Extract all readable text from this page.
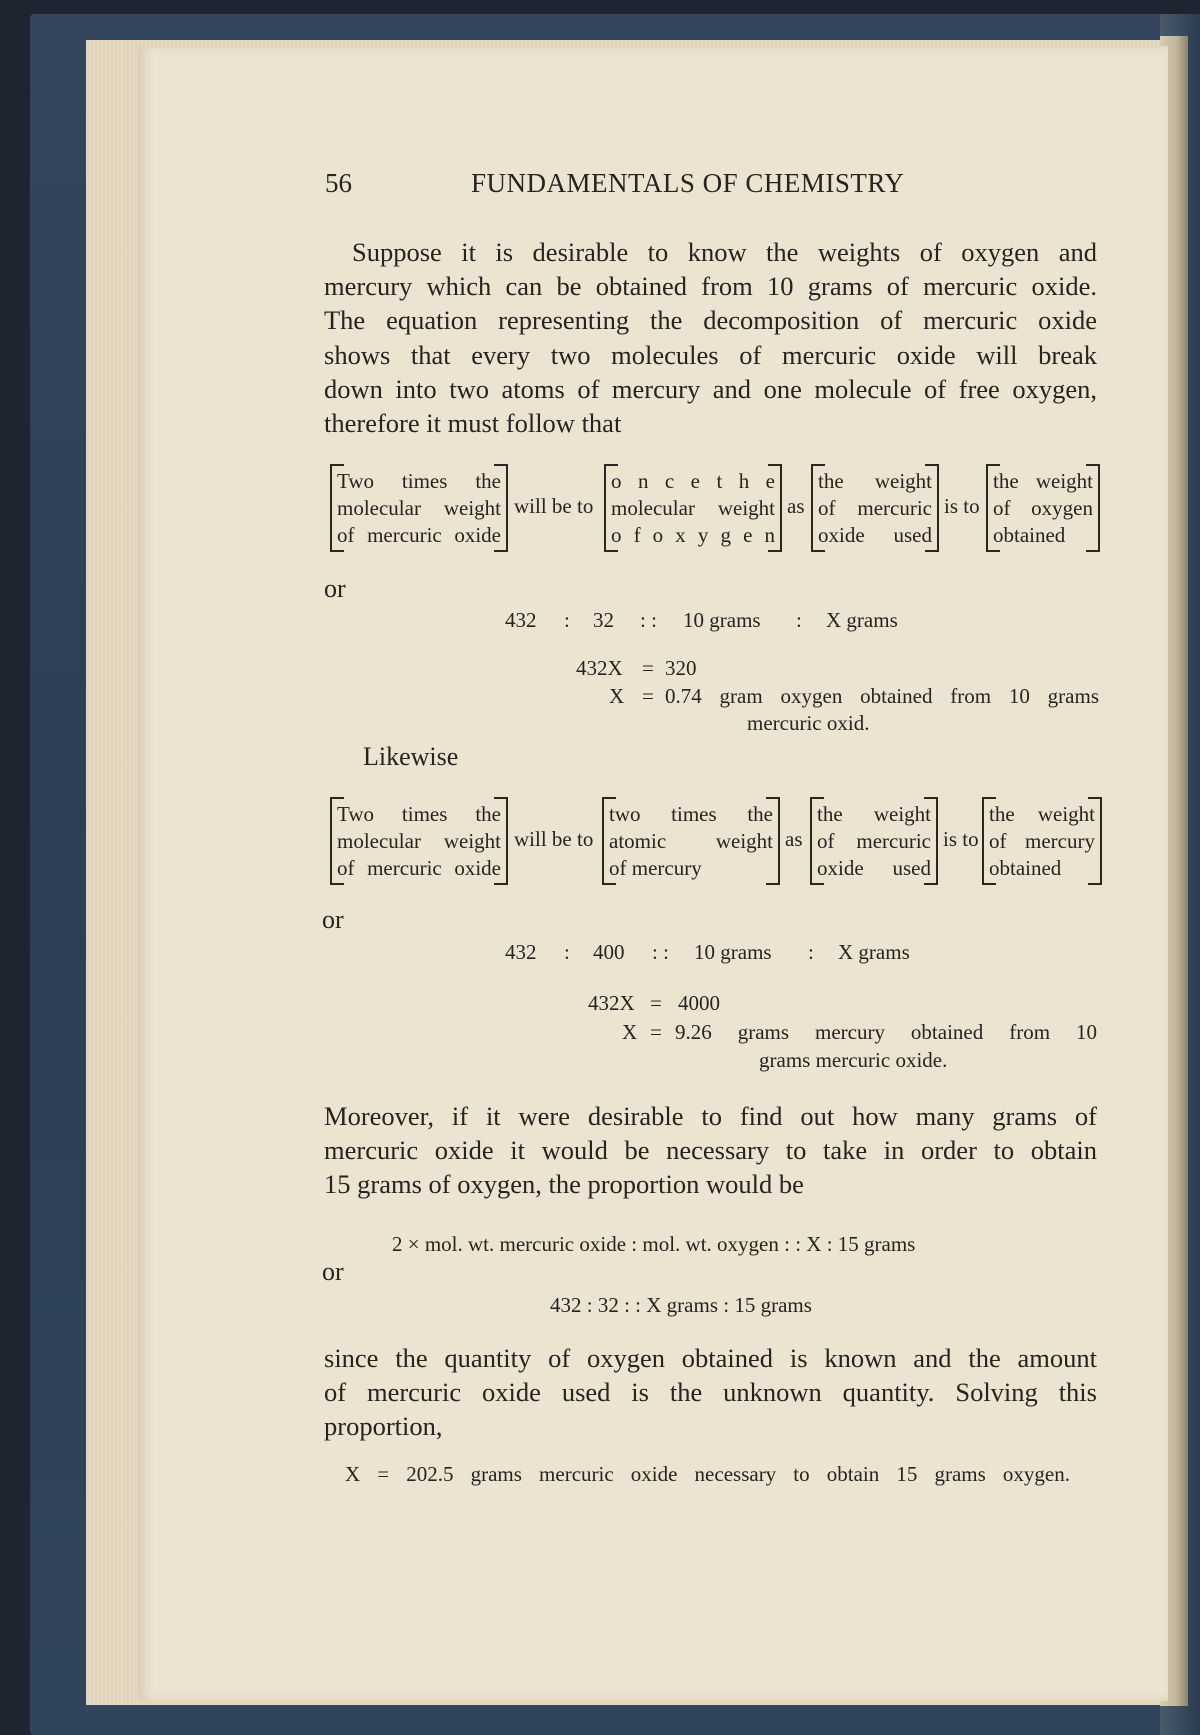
56	FUNDAMENTALS OF CHEMISTRY
Suppose it is desirable to know the weights of oxygen and
mercury which can be obtained from 10 grams of mercuric oxide.
The equation representing the decomposition of mercuric oxide
shows that every two molecules of mercuric oxide will break
down into two atoms of mercury and one molecule of free oxygen,
therefore it must follow that
Two times the
molecular weight
of mercuric oxide
will be to
o n c e t h e
molecular weight
o f o x y g e n
as
the weight
of mercuric
oxide used
is to
the weight
of oxygen
obtained
or
432 : 32 : : 10 grams : X grams
432X = 320
X = 0.74 gram oxygen obtained from 10 grams
mercuric oxid.
Likewise
Two times the
molecular weight
of mercuric oxide
will be to
two times the
atomic weight
of mercury
as
the weight
of mercuric
oxide used
is to
the weight
of mercury
obtained
or
432 : 400 : : 10 grams : X grams
432X = 4000
X = 9.26 grams mercury obtained from 10
grams mercuric oxide.
Moreover, if it were desirable to find out how many grams of
mercuric oxide it would be necessary to take in order to obtain
15 grams of oxygen, the proportion would be
2 × mol. wt. mercuric oxide : mol. wt. oxygen : : X : 15 grams
or
432 : 32 : : X grams : 15 grams
since the quantity of oxygen obtained is known and the amount
of mercuric oxide used is the unknown quantity. Solving this
proportion,
X = 202.5 grams mercuric oxide necessary to obtain 15 grams oxygen.
